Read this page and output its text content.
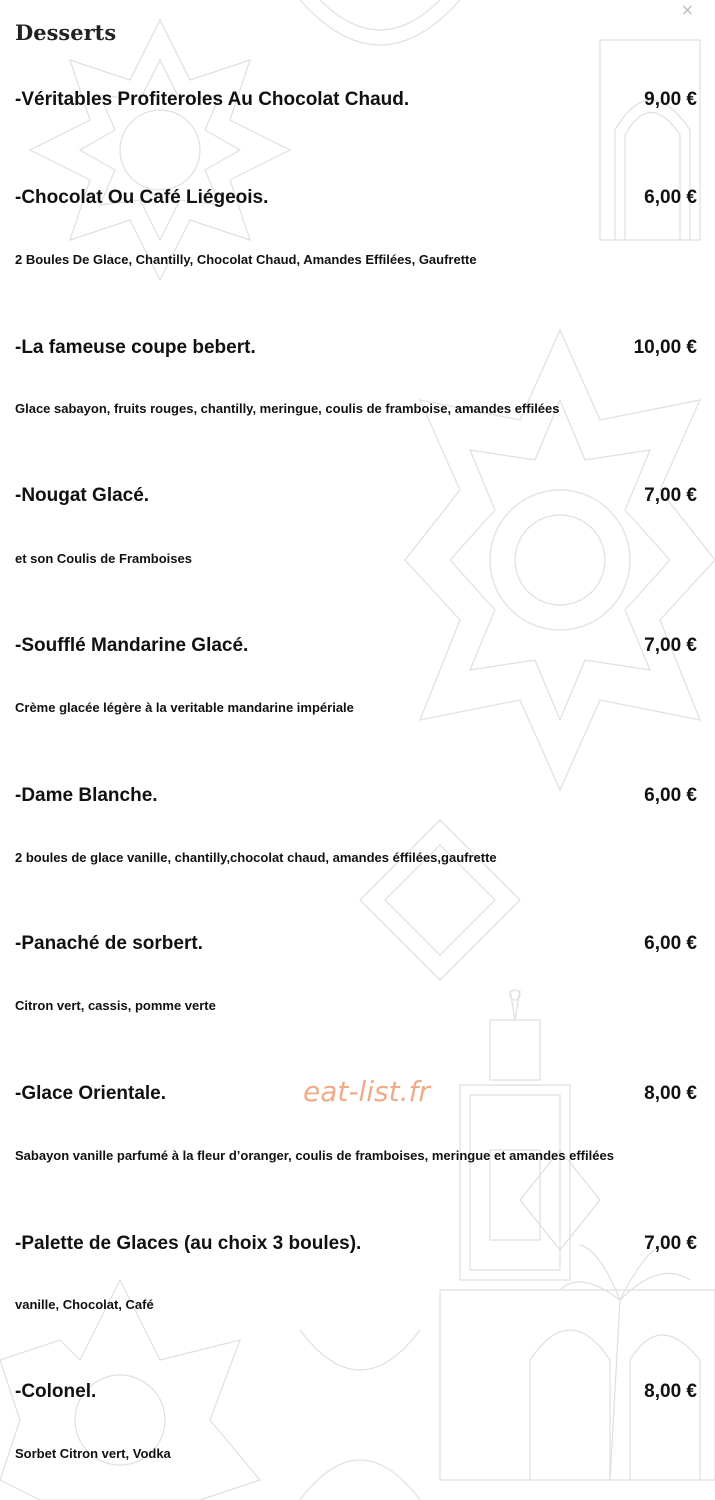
Desserts
×
-Véritables Profiteroles Au Chocolat Chaud.	9,00 €
-Chocolat Ou Café Liégeois.	6,00 €
2 Boules De Glace, Chantilly, Chocolat Chaud, Amandes Effilées, Gaufrette
-La fameuse coupe bebert.	10,00 €
Glace sabayon, fruits rouges, chantilly, meringue, coulis de framboise, amandes effilées
-Nougat Glacé.	7,00 €
et son Coulis de Framboises
-Soufflé Mandarine Glacé.	7,00 €
Crème glacée légère à la veritable mandarine impériale
-Dame Blanche.	6,00 €
2 boules de glace vanille, chantilly,chocolat chaud, amandes éffilées,gaufrette
-Panaché de sorbert.	6,00 €
Citron vert, cassis, pomme verte
-Glace Orientale.	8,00 €
Sabayon vanille parfumé à la fleur d’oranger, coulis de framboises, meringue et amandes effilées
-Palette de Glaces (au choix 3 boules).	7,00 €
vanille, Chocolat, Café
-Colonel.	8,00 €
Sorbet Citron vert, Vodka
eat-list.fr
